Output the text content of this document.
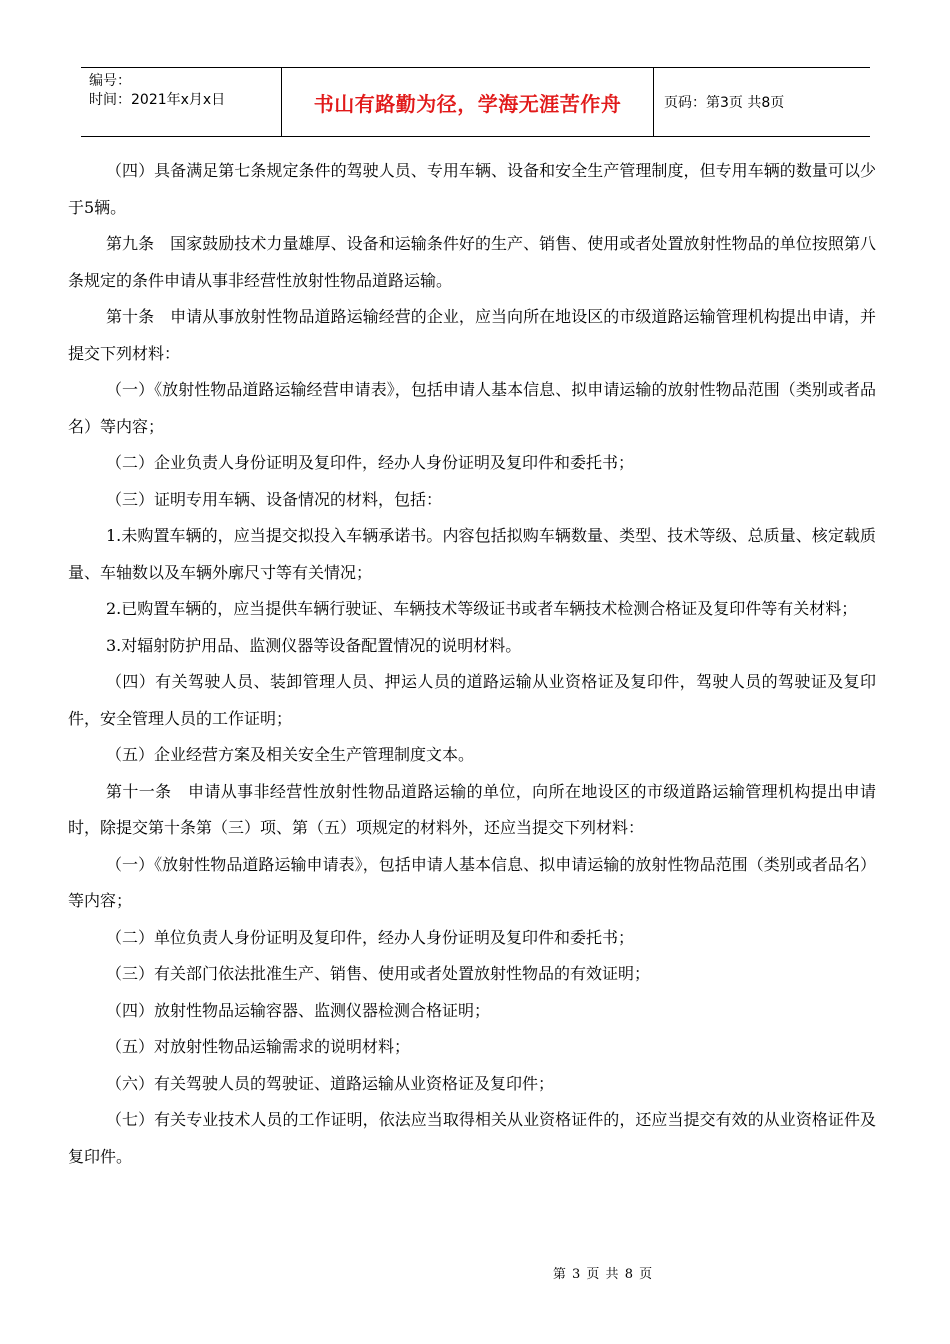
编号：
时间：2021年x月x日	书山有路勤为径，学海无涯苦作舟	页码：第3页 共8页

（四）具备满足第七条规定条件的驾驶人员、专用车辆、设备和安全生产管理制度，但专用车辆的数量可以少于5辆。

第九条　国家鼓励技术力量雄厚、设备和运输条件好的生产、销售、使用或者处置放射性物品的单位按照第八条规定的条件申请从事非经营性放射性物品道路运输。

第十条　申请从事放射性物品道路运输经营的企业，应当向所在地设区的市级道路运输管理机构提出申请，并提交下列材料：

（一）《放射性物品道路运输经营申请表》，包括申请人基本信息、拟申请运输的放射性物品范围（类别或者品名）等内容；

（二）企业负责人身份证明及复印件，经办人身份证明及复印件和委托书；

（三）证明专用车辆、设备情况的材料，包括：

1.未购置车辆的，应当提交拟投入车辆承诺书。内容包括拟购车辆数量、类型、技术等级、总质量、核定载质量、车轴数以及车辆外廓尺寸等有关情况；

2.已购置车辆的，应当提供车辆行驶证、车辆技术等级证书或者车辆技术检测合格证及复印件等有关材料；

3.对辐射防护用品、监测仪器等设备配置情况的说明材料。

（四）有关驾驶人员、装卸管理人员、押运人员的道路运输从业资格证及复印件，驾驶人员的驾驶证及复印件，安全管理人员的工作证明；

（五）企业经营方案及相关安全生产管理制度文本。

第十一条　申请从事非经营性放射性物品道路运输的单位，向所在地设区的市级道路运输管理机构提出申请时，除提交第十条第（三）项、第（五）项规定的材料外，还应当提交下列材料：

（一）《放射性物品道路运输申请表》，包括申请人基本信息、拟申请运输的放射性物品范围（类别或者品名）等内容；

（二）单位负责人身份证明及复印件，经办人身份证明及复印件和委托书；

（三）有关部门依法批准生产、销售、使用或者处置放射性物品的有效证明；

（四）放射性物品运输容器、监测仪器检测合格证明；

（五）对放射性物品运输需求的说明材料；

（六）有关驾驶人员的驾驶证、道路运输从业资格证及复印件；

（七）有关专业技术人员的工作证明，依法应当取得相关从业资格证件的，还应当提交有效的从业资格证件及复印件。

第 3 页 共 8 页
